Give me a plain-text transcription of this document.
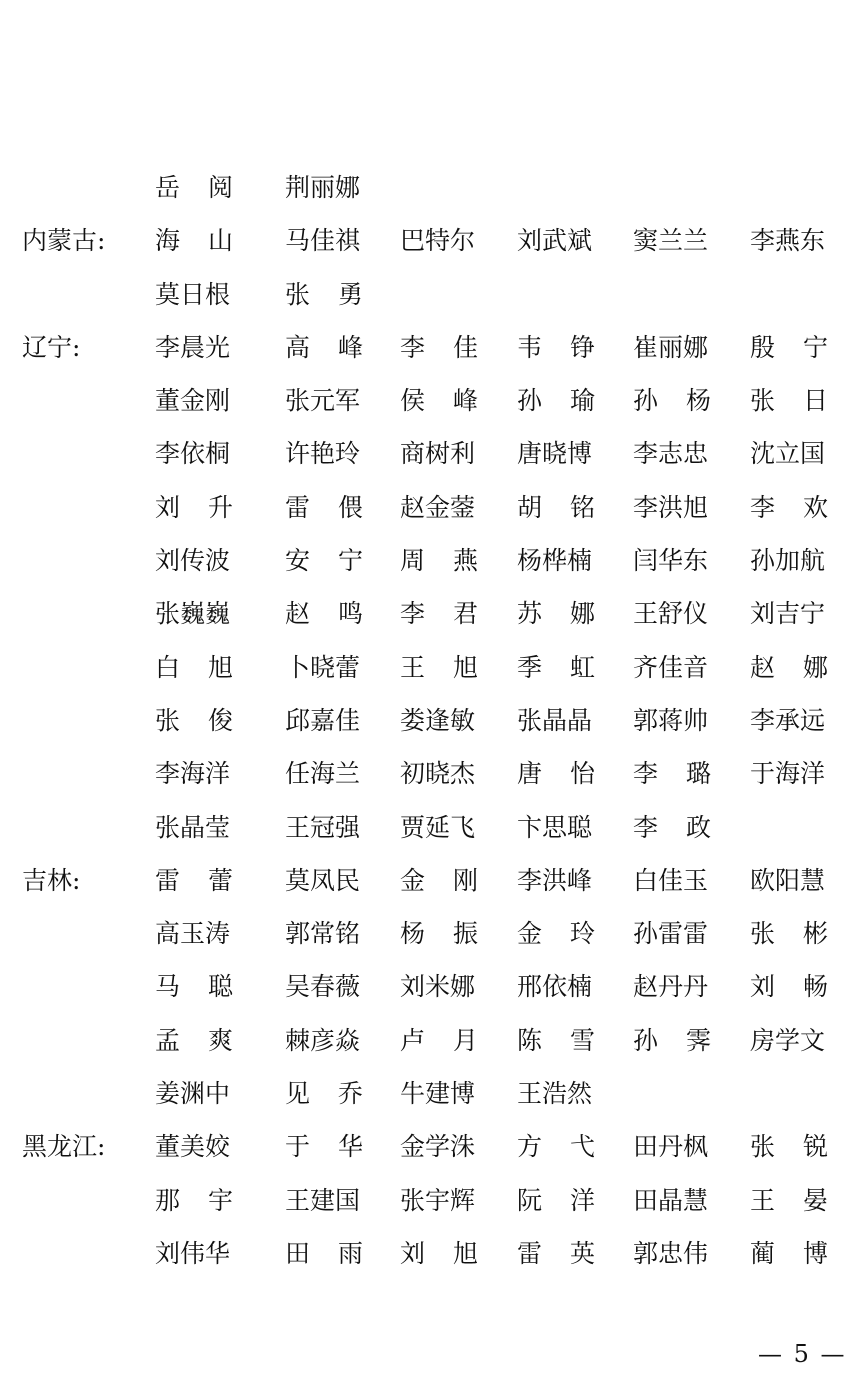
岳阅 荆丽娜
内蒙古: 海山 马佳祺 巴特尔 刘武斌 窦兰兰 李燕东
莫日根 张勇
辽宁:	李晨光 高峰 李佳 韦铮 崔丽娜 殷宁
董金刚 张元军 侯峰 孙瑜 孙杨 张日
李依桐 许艳玲 商树利 唐晓博 李志忠 沈立国
刘升 雷偎 赵金蓥 胡铭 李洪旭 李欢
刘传波 安宁 周燕 杨桦楠 闫华东 孙加航
张巍巍 赵鸣 李君 苏娜 王舒仪 刘吉宁
白旭 卜晓蕾 王旭 季虹 齐佳音 赵娜
张俊 邱嘉佳 娄逢敏 张晶晶 郭蒋帅 李承远
李海洋 任海兰 初晓杰 唐怡 李璐 于海洋
张晶莹 王冠强 贾延飞 卞思聪 李政
吉林:	雷蕾 莫凤民 金刚 李洪峰 白佳玉 欧阳慧
高玉涛 郭常铭 杨振 金玲 孙雷雷 张彬
马聪 吴春薇 刘米娜 邢依楠 赵丹丹 刘畅
孟爽 棘彦焱 卢月 陈雪 孙霁 房学文
姜渊中 见乔 牛建博 王浩然
黑龙江: 董美姣 于华 金学洙 方弋 田丹枫 张锐
那宇 王建国 张宇辉 阮洋 田晶慧 王晏
刘伟华 田雨 刘旭 雷英 郭忠伟 蔺博
— 5 —
